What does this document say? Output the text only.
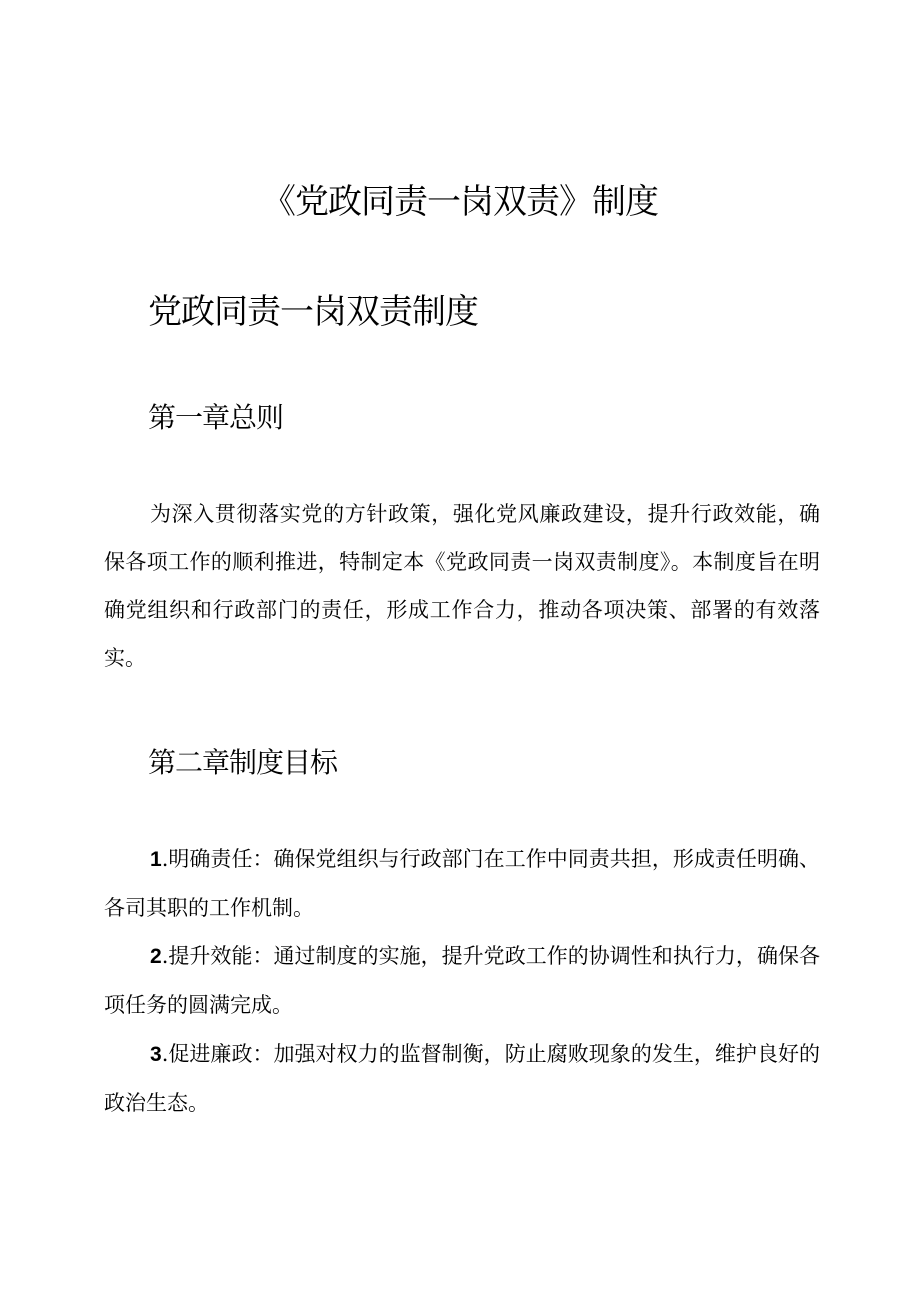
《党政同责一岗双责》制度
党政同责一岗双责制度
第一章总则

为深入贯彻落实党的方针政策，强化党风廉政建设，提升行政效能，确保各项工作的顺利推进，特制定本《党政同责一岗双责制度》。本制度旨在明确党组织和行政部门的责任，形成工作合力，推动各项决策、部署的有效落实。

第二章制度目标

1.明确责任：确保党组织与行政部门在工作中同责共担，形成责任明确、各司其职的工作机制。

2.提升效能：通过制度的实施，提升党政工作的协调性和执行力，确保各项任务的圆满完成。

3.促进廉政：加强对权力的监督制衡，防止腐败现象的发生，维护良好的政治生态。
